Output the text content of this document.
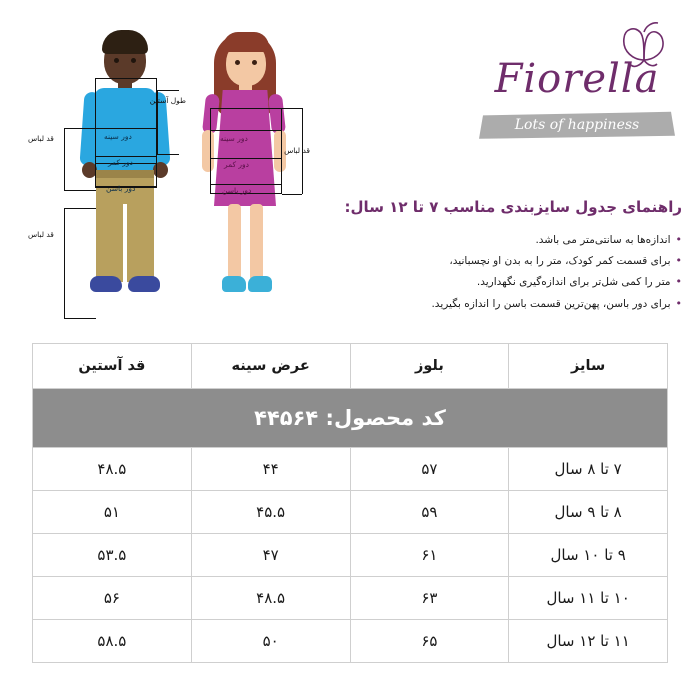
طول آستین
قد لباس	دور سینه
دور کمر
دور باسن
قد لباس
دور سینه
دور کمر
دور باسن
قد لباس
Fiorella
Lots of happiness
راهنمای جدول سایزبندی مناسب ۷ تا ۱۲ سال:
• اندازه‌ها به سانتی‌متر می باشد.
• برای قسمت کمر کودک، متر را به بدن او نچسبانید،
• متر را کمی شل‌تر برای اندازه‌گیری نگهدارید.
• برای دور باسن، پهن‌ترین قسمت باسن را اندازه بگیرید.
کد محصول: ۴۴۵۶۴			
قد آستین	عرض سینه	بلوز	سایز
۴۸.۵	۴۴	۵۷	۷ تا ۸ سال
۵۱	۴۵.۵	۵۹	۸ تا ۹ سال
۵۳.۵	۴۷	۶۱	۹ تا ۱۰ سال
۵۶	۴۸.۵	۶۳	۱۰ تا ۱۱ سال
۵۸.۵	۵۰	۶۵	۱۱ تا ۱۲ سال
